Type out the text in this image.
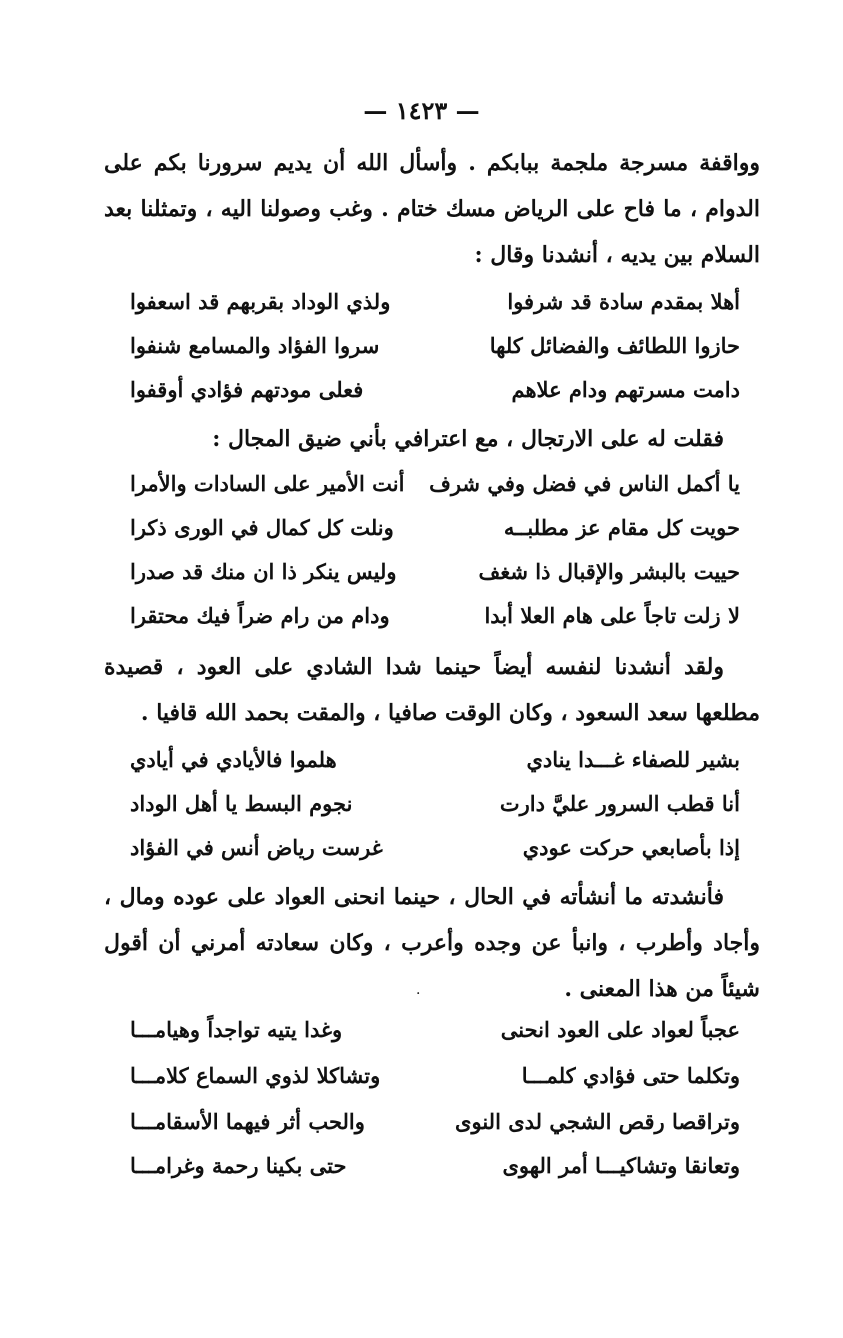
— ١٤٢٣ —
وواقفة مسرجة ملجمة ببابكم . وأسأل الله أن يديم سرورنا بكم على الدوام ، ما فاح على الرياض مسك ختام . وغب وصولنا اليه ، وتمثلنا بعد السلام بين يديه ، أنشدنا وقال :
أهلا بمقدم سادة قد شرفوا
ولذي الوداد بقربهم قد اسعفوا
حازوا اللطائف والفضائل كلها
سروا الفؤاد والمسامع شنفوا
دامت مسرتهم ودام علاهم
فعلى مودتهم فؤادي أوقفوا
فقلت له على الارتجال ، مع اعترافي بأني ضيق المجال :
يا أكمل الناس في فضل وفي شرف
أنت الأمير على السادات والأمرا
حويت كل مقام عز مطلبــه
ونلت كل كمال في الورى ذكرا
حييت بالبشر والإقبال ذا شغف
وليس ينكر ذا ان منك قد صدرا
لا زلت تاجاً على هام العلا أبدا
ودام من رام ضراً فيك محتقرا
ولقد أنشدنا لنفسه أيضاً حينما شدا الشادي على العود ، قصيدة مطلعها سعد السعود ، وكان الوقت صافيا ، والمقت بحمد الله قافيا .
بشير للصفاء غـــدا ينادي
هلموا فالأيادي في أيادي
أنا قطب السرور عليَّ دارت
نجوم البسط يا أهل الوداد
إذا بأصابعي حركت عودي
غرست رياض أنس في الفؤاد
فأنشدته ما أنشأته في الحال ، حينما انحنى العواد على عوده ومال ، وأجاد وأطرب ، وانبأ عن وجده وأعرب ، وكان سعادته أمرني أن أقول شيئاً من هذا المعنى .
·
عجباً لعواد على العود انحنى
وغدا يتيه تواجداً وهيامـــا
وتكلما حتى فؤادي كلمـــا
وتشاكلا لذوي السماع كلامـــا
وتراقصا رقص الشجي لدى النوى
والحب أثر فيهما الأسقامـــا
وتعانقا وتشاكيـــا أمر الهوى
حتى بكينا رحمة وغرامـــا
